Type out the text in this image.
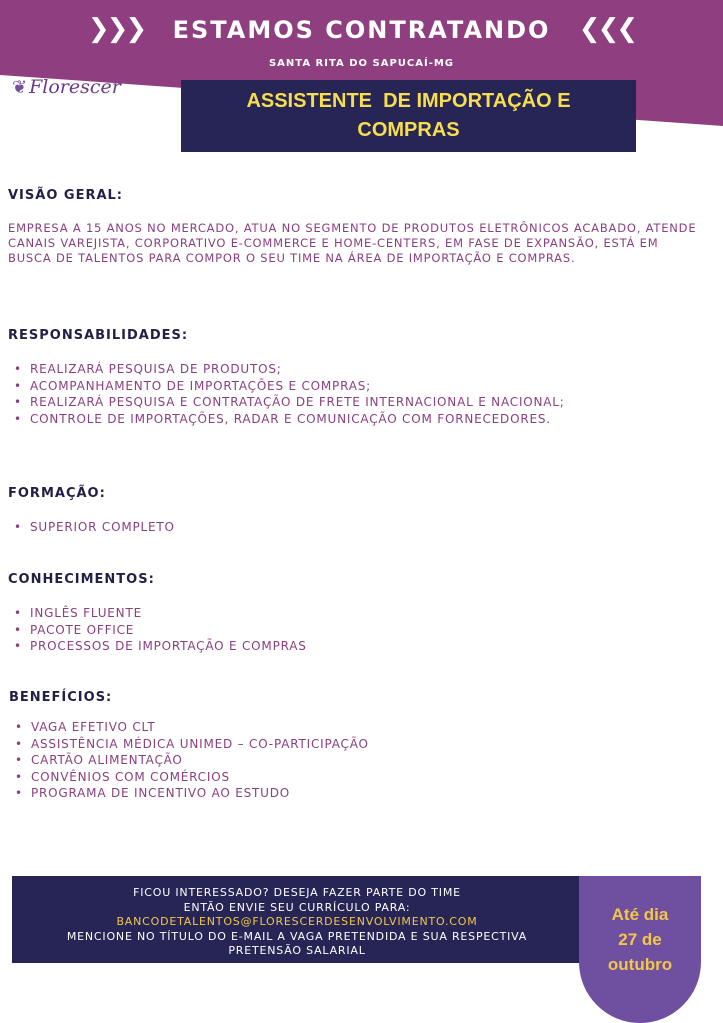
❯❯❯ ESTAMOS CONTRATANDO ❮❮❮
SANTA RITA DO SAPUCAÍ-MG
❦ Florescer
ASSISTENTE  DE IMPORTAÇÃO E
COMPRAS
VISÃO GERAL:

EMPRESA A 15 ANOS NO MERCADO, ATUA NO SEGMENTO DE PRODUTOS ELETRÔNICOS ACABADO, ATENDE CANAIS VAREJISTA, CORPORATIVO E-COMMERCE E HOME-CENTERS, EM FASE DE EXPANSÃO, ESTÁ EM BUSCA DE TALENTOS PARA COMPOR O SEU TIME NA ÁREA DE IMPORTAÇÃO E COMPRAS.

RESPONSABILIDADES:
• REALIZARÁ PESQUISA DE PRODUTOS;
• ACOMPANHAMENTO DE IMPORTAÇÕES E COMPRAS;
• REALIZARÁ PESQUISA E CONTRATAÇÃO DE FRETE INTERNACIONAL E NACIONAL;
• CONTROLE DE IMPORTAÇÕES, RADAR E COMUNICAÇÃO COM FORNECEDORES.
FORMAÇÃO:
• SUPERIOR COMPLETO
CONHECIMENTOS:
• INGLÊS FLUENTE
• PACOTE OFFICE
• PROCESSOS DE IMPORTAÇÃO E COMPRAS
BENEFÍCIOS:
• VAGA EFETIVO CLT
• ASSISTÊNCIA MÉDICA UNIMED – CO-PARTICIPAÇÃO
• CARTÃO ALIMENTAÇÃO
• CONVÊNIOS COM COMÉRCIOS
• PROGRAMA DE INCENTIVO AO ESTUDO
FICOU INTERESSADO? DESEJA FAZER PARTE DO TIME
ENTÃO ENVIE SEU CURRÍCULO PARA:
BANCODETALENTOS@FLORESCERDESENVOLVIMENTO.COM
MENCIONE NO TÍTULO DO E-MAIL A VAGA PRETENDIDA E SUA RESPECTIVA
PRETENSÃO SALARIAL
Até dia
27 de
outubro
